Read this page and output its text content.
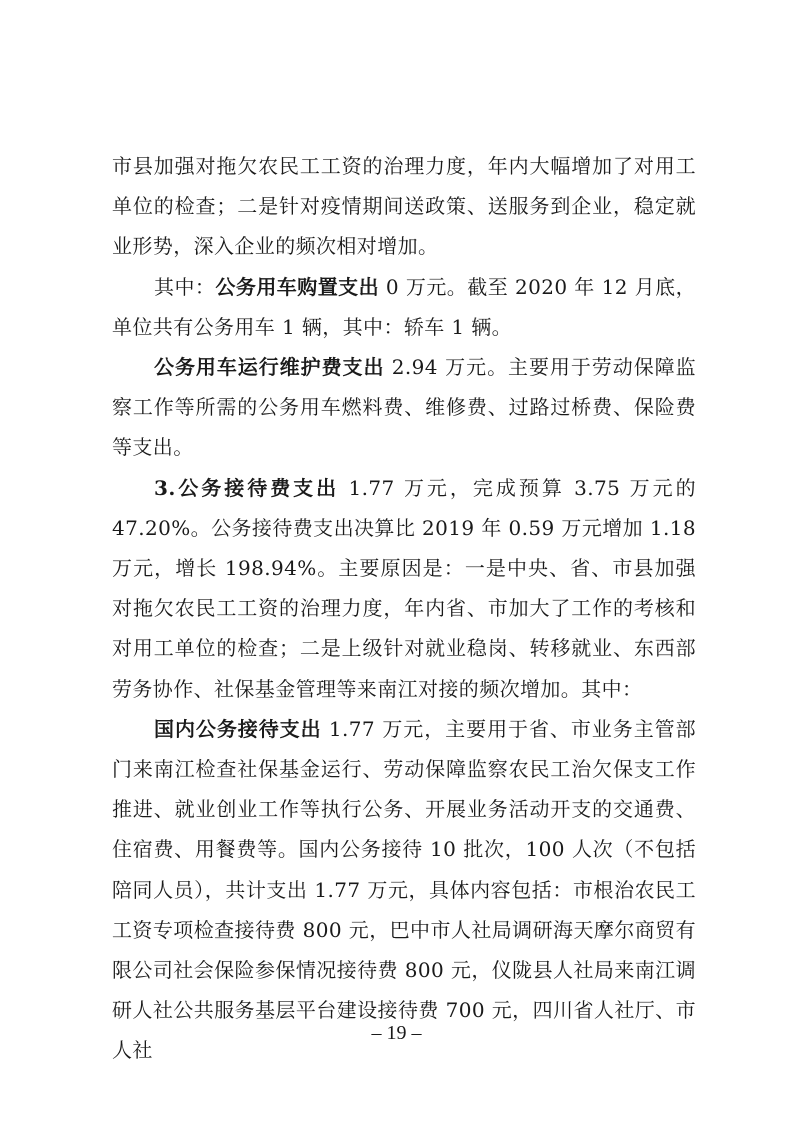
市县加强对拖欠农民工工资的治理力度，年内大幅增加了对用工单位的检查；二是针对疫情期间送政策、送服务到企业，稳定就业形势，深入企业的频次相对增加。

其中：公务用车购置支出 0 万元。截至 2020 年 12 月底，单位共有公务用车 1 辆，其中：轿车 1 辆。

公务用车运行维护费支出 2.94 万元。主要用于劳动保障监察工作等所需的公务用车燃料费、维修费、过路过桥费、保险费等支出。

3.公务接待费支出 1.77 万元，完成预算 3.75 万元的 47.20%。公务接待费支出决算比 2019 年 0.59 万元增加 1.18 万元，增长 198.94%。主要原因是：一是中央、省、市县加强对拖欠农民工工资的治理力度，年内省、市加大了工作的考核和对用工单位的检查；二是上级针对就业稳岗、转移就业、东西部劳务协作、社保基金管理等来南江对接的频次增加。其中：

国内公务接待支出 1.77 万元，主要用于省、市业务主管部门来南江检查社保基金运行、劳动保障监察农民工治欠保支工作推进、就业创业工作等执行公务、开展业务活动开支的交通费、住宿费、用餐费等。国内公务接待 10 批次，100 人次（不包括陪同人员），共计支出 1.77 万元，具体内容包括：市根治农民工工资专项检查接待费 800 元，巴中市人社局调研海天摩尔商贸有限公司社会保险参保情况接待费 800 元，仪陇县人社局来南江调研人社公共服务基层平台建设接待费 700 元，四川省人社厅、市人社

– 19 –
